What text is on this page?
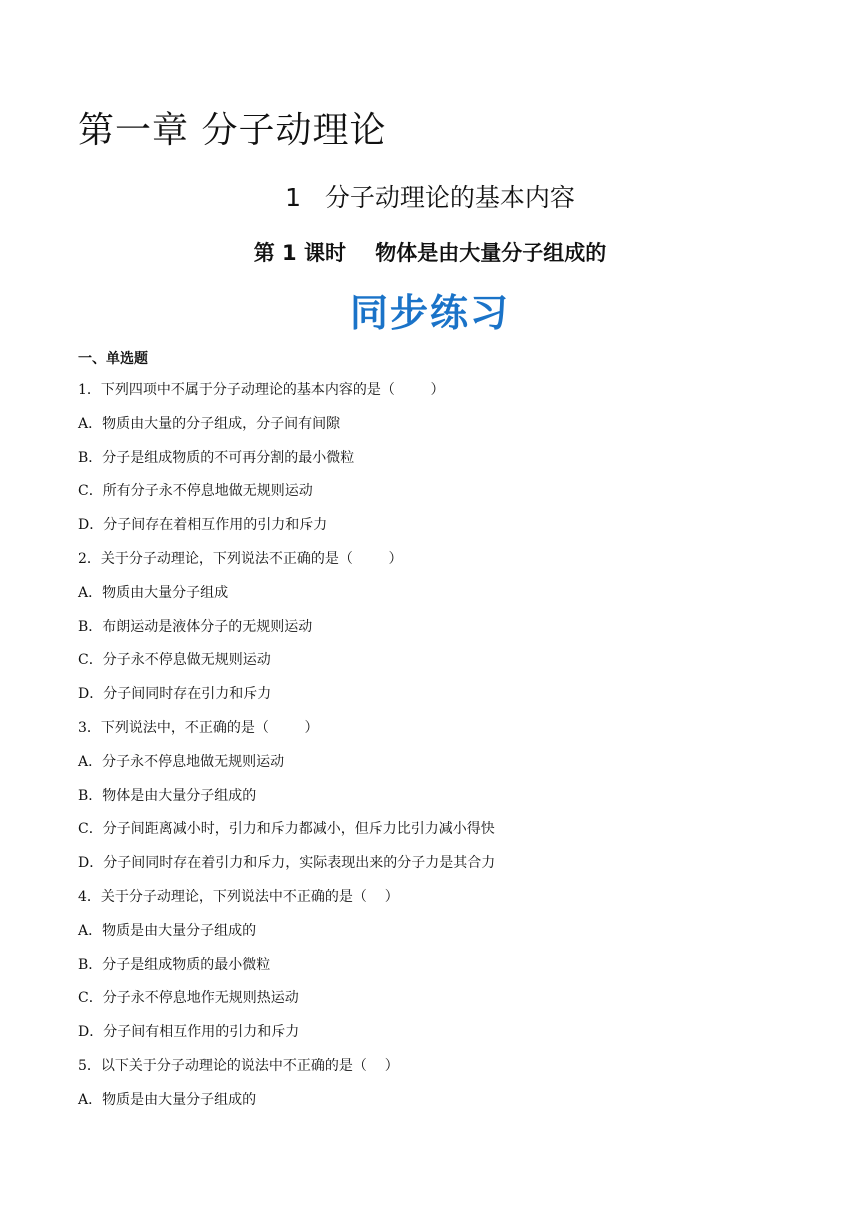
第一章 分子动理论
1   分子动理论的基本内容
第 1 课时    物体是由大量分子组成的
同步练习
一、单选题
1．下列四项中不属于分子动理论的基本内容的是（        ）
A．物质由大量的分子组成，分子间有间隙
B．分子是组成物质的不可再分割的最小微粒
C．所有分子永不停息地做无规则运动
D．分子间存在着相互作用的引力和斥力
2．关于分子动理论，下列说法不正确的是（        ）
A．物质由大量分子组成
B．布朗运动是液体分子的无规则运动
C．分子永不停息做无规则运动
D．分子间同时存在引力和斥力
3．下列说法中，不正确的是（        ）
A．分子永不停息地做无规则运动
B．物体是由大量分子组成的
C．分子间距离减小时，引力和斥力都减小，但斥力比引力减小得快
D．分子间同时存在着引力和斥力，实际表现出来的分子力是其合力
4．关于分子动理论，下列说法中不正确的是（    ）
A．物质是由大量分子组成的
B．分子是组成物质的最小微粒
C．分子永不停息地作无规则热运动
D．分子间有相互作用的引力和斥力
5．以下关于分子动理论的说法中不正确的是（    ）
A．物质是由大量分子组成的
